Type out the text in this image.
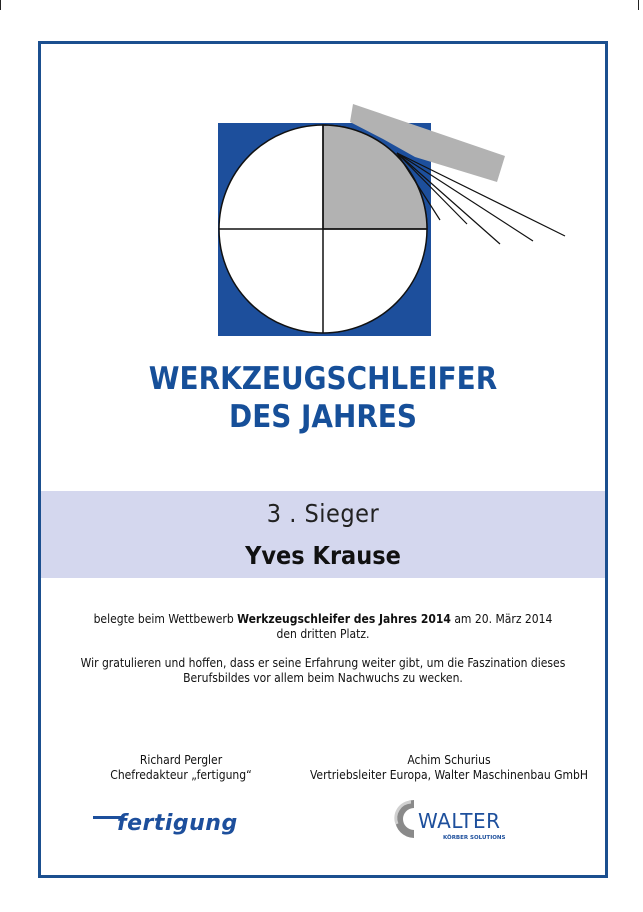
WERKZEUGSCHLEIFER
DES JAHRES
3 . Sieger
Yves Krause
belegte beim Wettbewerb Werkzeugschleifer des Jahres 2014 am 20. März 2014
den dritten Platz.
Wir gratulieren und hoffen, dass er seine Erfahrung weiter gibt, um die Faszination dieses
Berufsbildes vor allem beim Nachwuchs zu wecken.
Richard Pergler
Chefredakteur „fertigung“
Achim Schurius
Vertriebsleiter Europa, Walter Maschinenbau GmbH
fertigung	WALTER
KÖRBER SOLUTIONS
